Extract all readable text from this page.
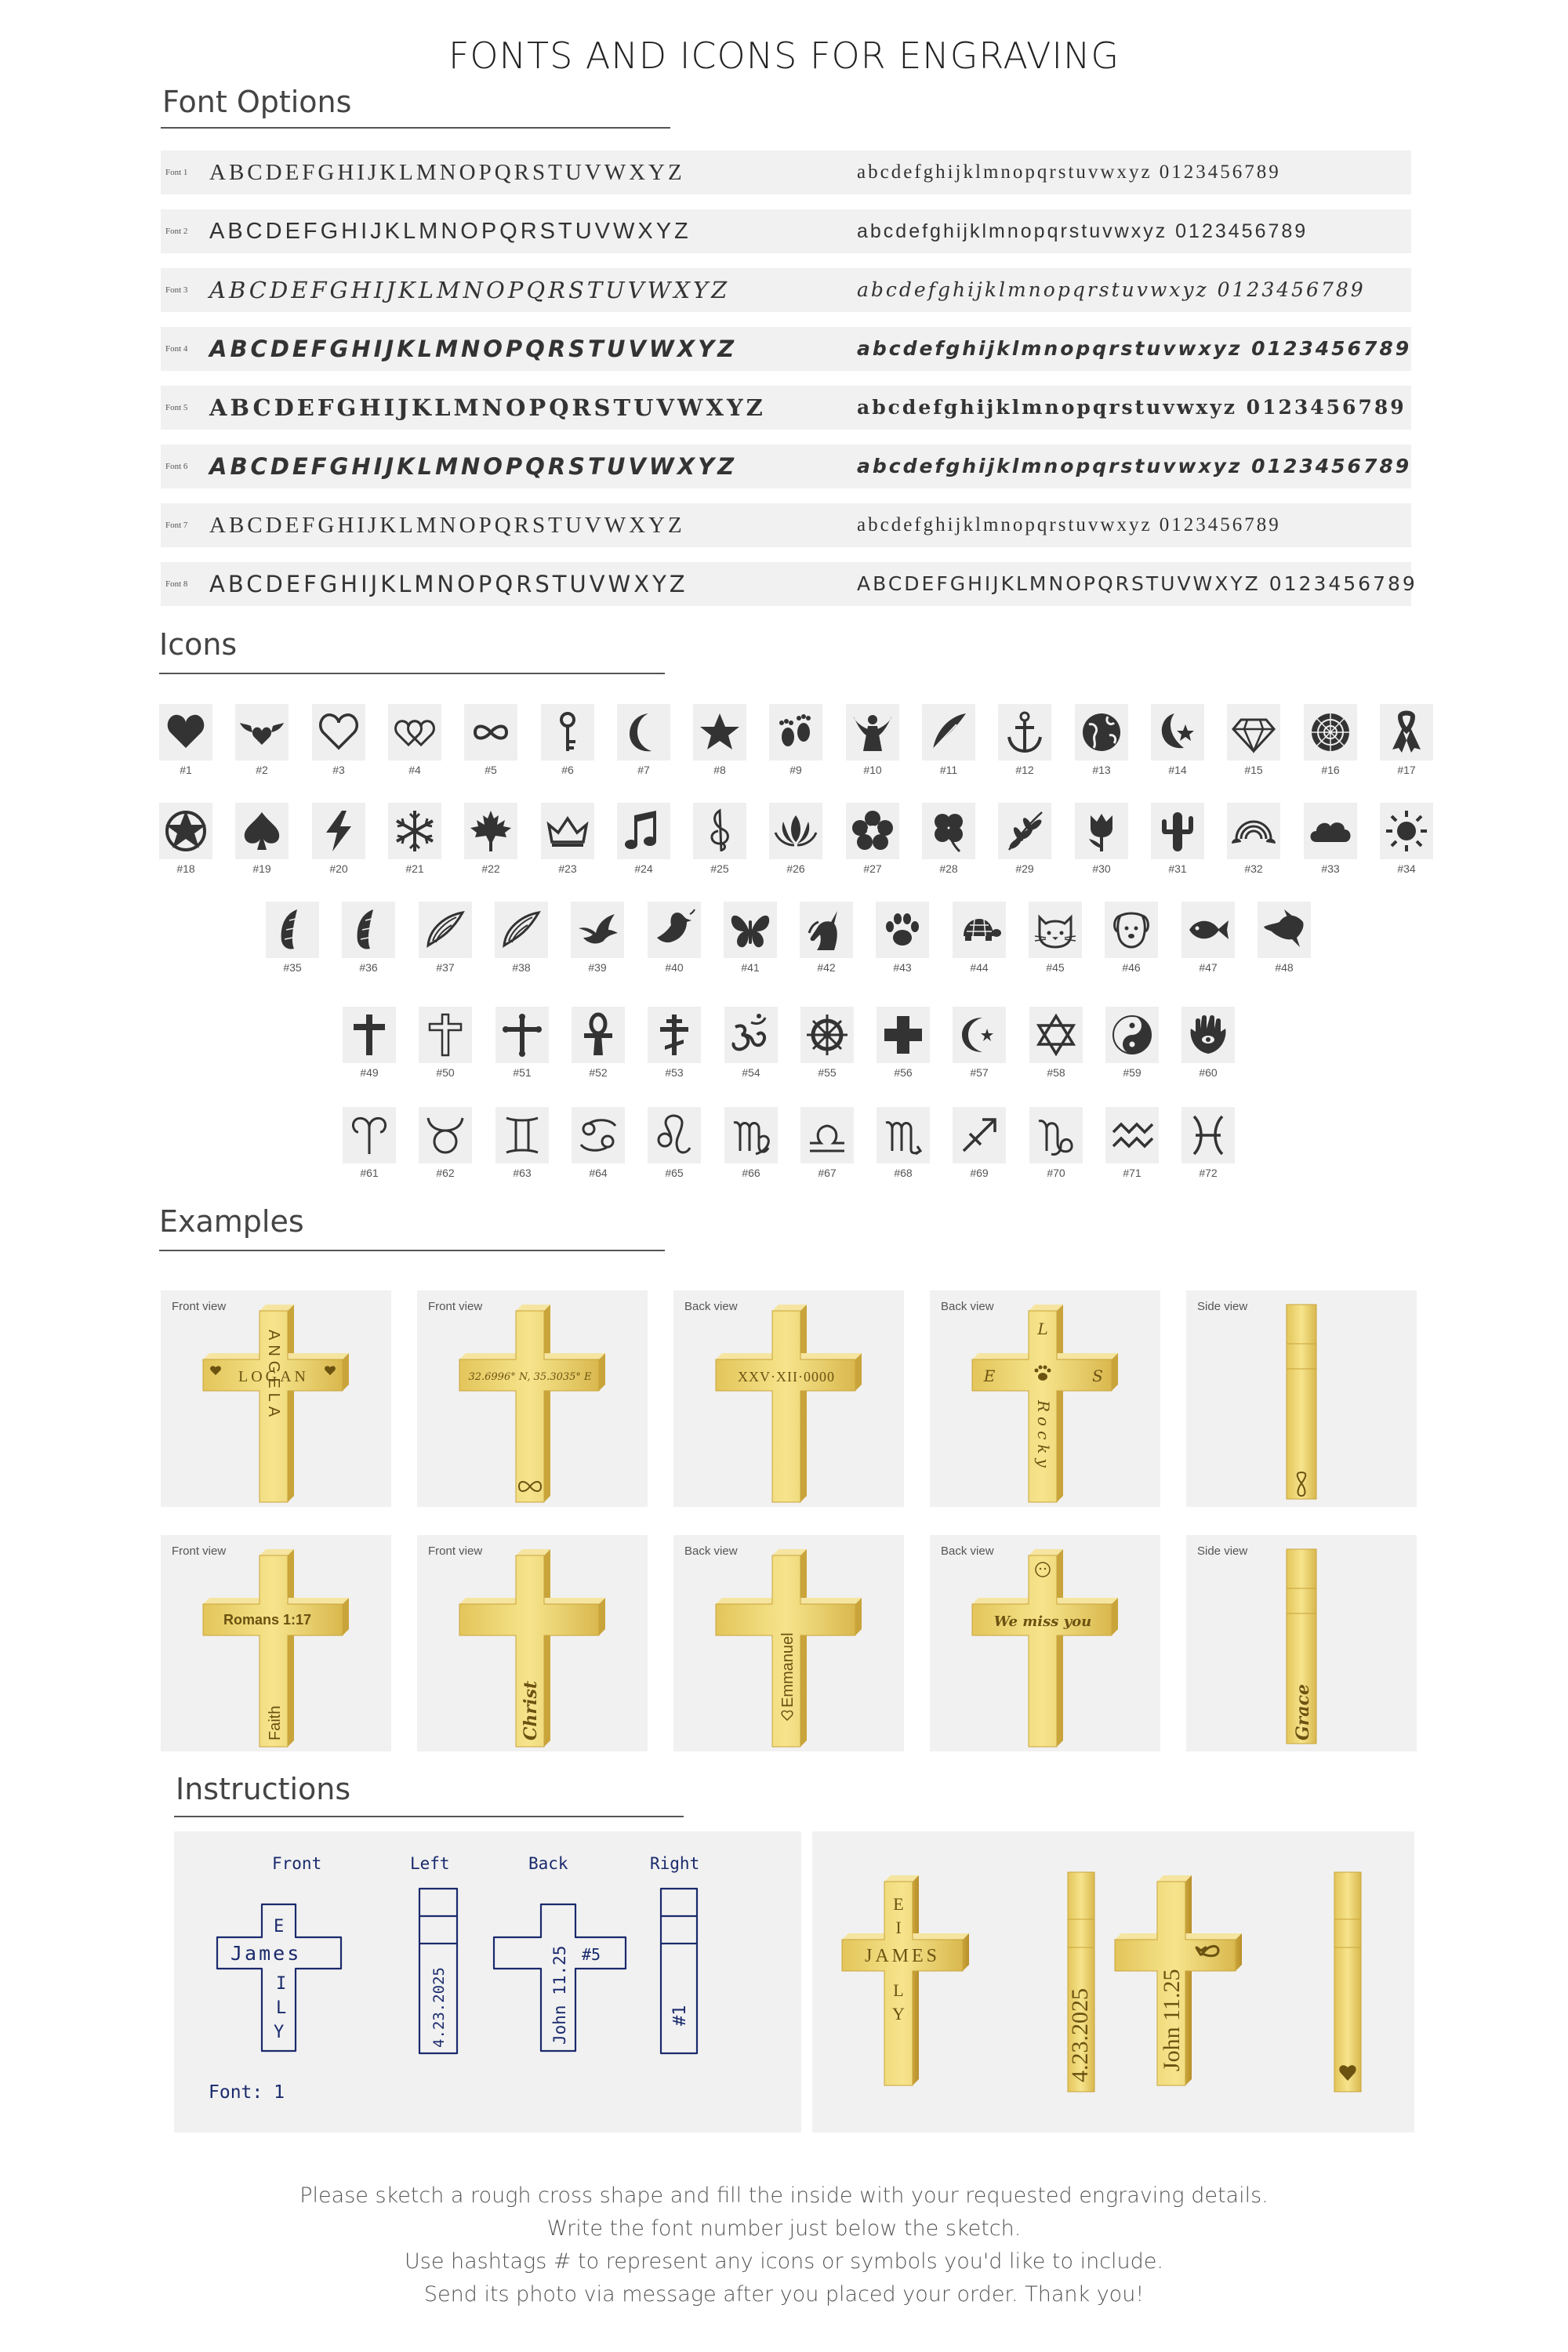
FONTS AND ICONS FOR ENGRAVING
Font Options
Font 1 ABCDEFGHIJKLMNOPQRSTUVWXYZ	abcdefghijklmnopqrstuvwxyz 0123456789
Font 2 ABCDEFGHIJKLMNOPQRSTUVWXYZ	abcdefghijklmnopqrstuvwxyz 0123456789
Font 3 ABCDEFGHIJKLMNOPQRSTUVWXYZ	abcdefghijklmnopqrstuvwxyz 0123456789
Font 4 ABCDEFGHIJKLMNOPQRSTUVWXYZ	abcdefghijklmnopqrstuvwxyz 0123456789
Font 5 ABCDEFGHIJKLMNOPQRSTUVWXYZ	abcdefghijklmnopqrstuvwxyz 0123456789
Font 6 ABCDEFGHIJKLMNOPQRSTUVWXYZ	abcdefghijklmnopqrstuvwxyz 0123456789
Font 7 ABCDEFGHIJKLMNOPQRSTUVWXYZ	abcdefghijklmnopqrstuvwxyz 0123456789
Font 8 ABCDEFGHIJKLMNOPQRSTUVWXYZ	ABCDEFGHIJKLMNOPQRSTUVWXYZ 0123456789
Icons
#1	#2	#3	#4	#5	#6	#7	#8	#9	#10	#11	#12	#13	#14	#15	#16	#17
#18	#19	#20	#21	#22	#23	#24	#25	#26	#27	#28	#29	#30	#31	#32	#33	#34
#35	#36	#37	#38	#39	#40	#41	#42	#43	#44	#45	#46	#47	#48
#49	#50	#51	#52	#53	#54	#55	#56	#57	#58	#59	#60
#61	#62	#63	#64	#65	#66	#67	#68	#69	#70	#71	#72
Examples
LOGAN
ANGELA
Front view
32.6996° N, 35.3035° E
Front view
XXV·XII·0000
Back view
L
E	S
Rocky
Back view	Side view
Romans 1:17
Faith
Front view
Christ
Front view
Emmanuel
Back view
We miss you
Back view
Grace
Side view
Instructions
Front	Left	Back	Right
James
E
I
L
Y	4.23.2025	John 11.25 #5
#1
Font: 1
JAMES
E
I
L
Y	4.23.2025	John 11.25
Please sketch a rough cross shape and fill the inside with your requested engraving details.
Write the font number just below the sketch.
Use hashtags # to represent any icons or symbols you'd like to include.
Send its photo via message after you placed your order. Thank you!
